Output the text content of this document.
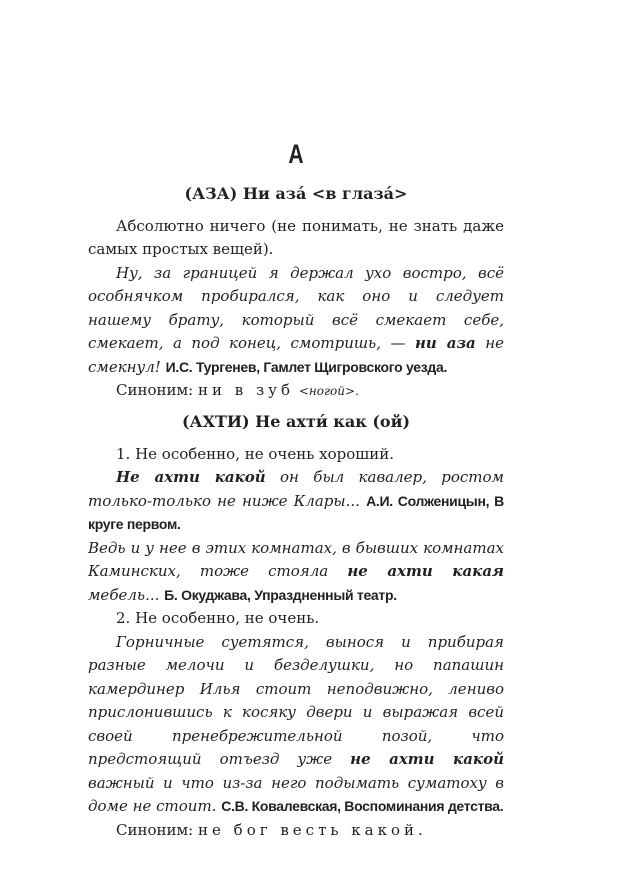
А

(АЗА) Ни аза́ <в глаза́>

Абсолютно ничего (не понимать, не знать даже самых простых вещей).

Ну, за границей я держал ухо востро, всё особнячком пробирался, как оно и следует нашему брату, который всё смекает себе, смекает, а под конец, смотришь, — ни аза не смекнул! И.С. Тургенев, Гамлет Щигровского уезда.

Синоним: ни в зуб <ногой>.

(АХТИ) Не ахти́ как (ой)

1. Не особенно, не очень хороший.

Не ахти какой он был кавалер, ростом только-только не ниже Клары... А.И. Солженицын, В круге первом.

Ведь и у нее в этих комнатах, в бывших комнатах Каминских, тоже стояла не ахти какая мебель... Б. Окуджава, Упраздненный театр.

2. Не особенно, не очень.

Горничные суетятся, вынося и прибирая разные мелочи и безделушки, но папашин камердинер Илья стоит неподвижно, лениво прислонившись к косяку двери и выражая всей своей пренебрежительной позой, что предстоящий отъезд уже не ахти какой важный и что из-за него подымать суматоху в доме не стоит. С.В. Ковалевская, Воспоминания детства.

Синоним: не бог весть какой.
